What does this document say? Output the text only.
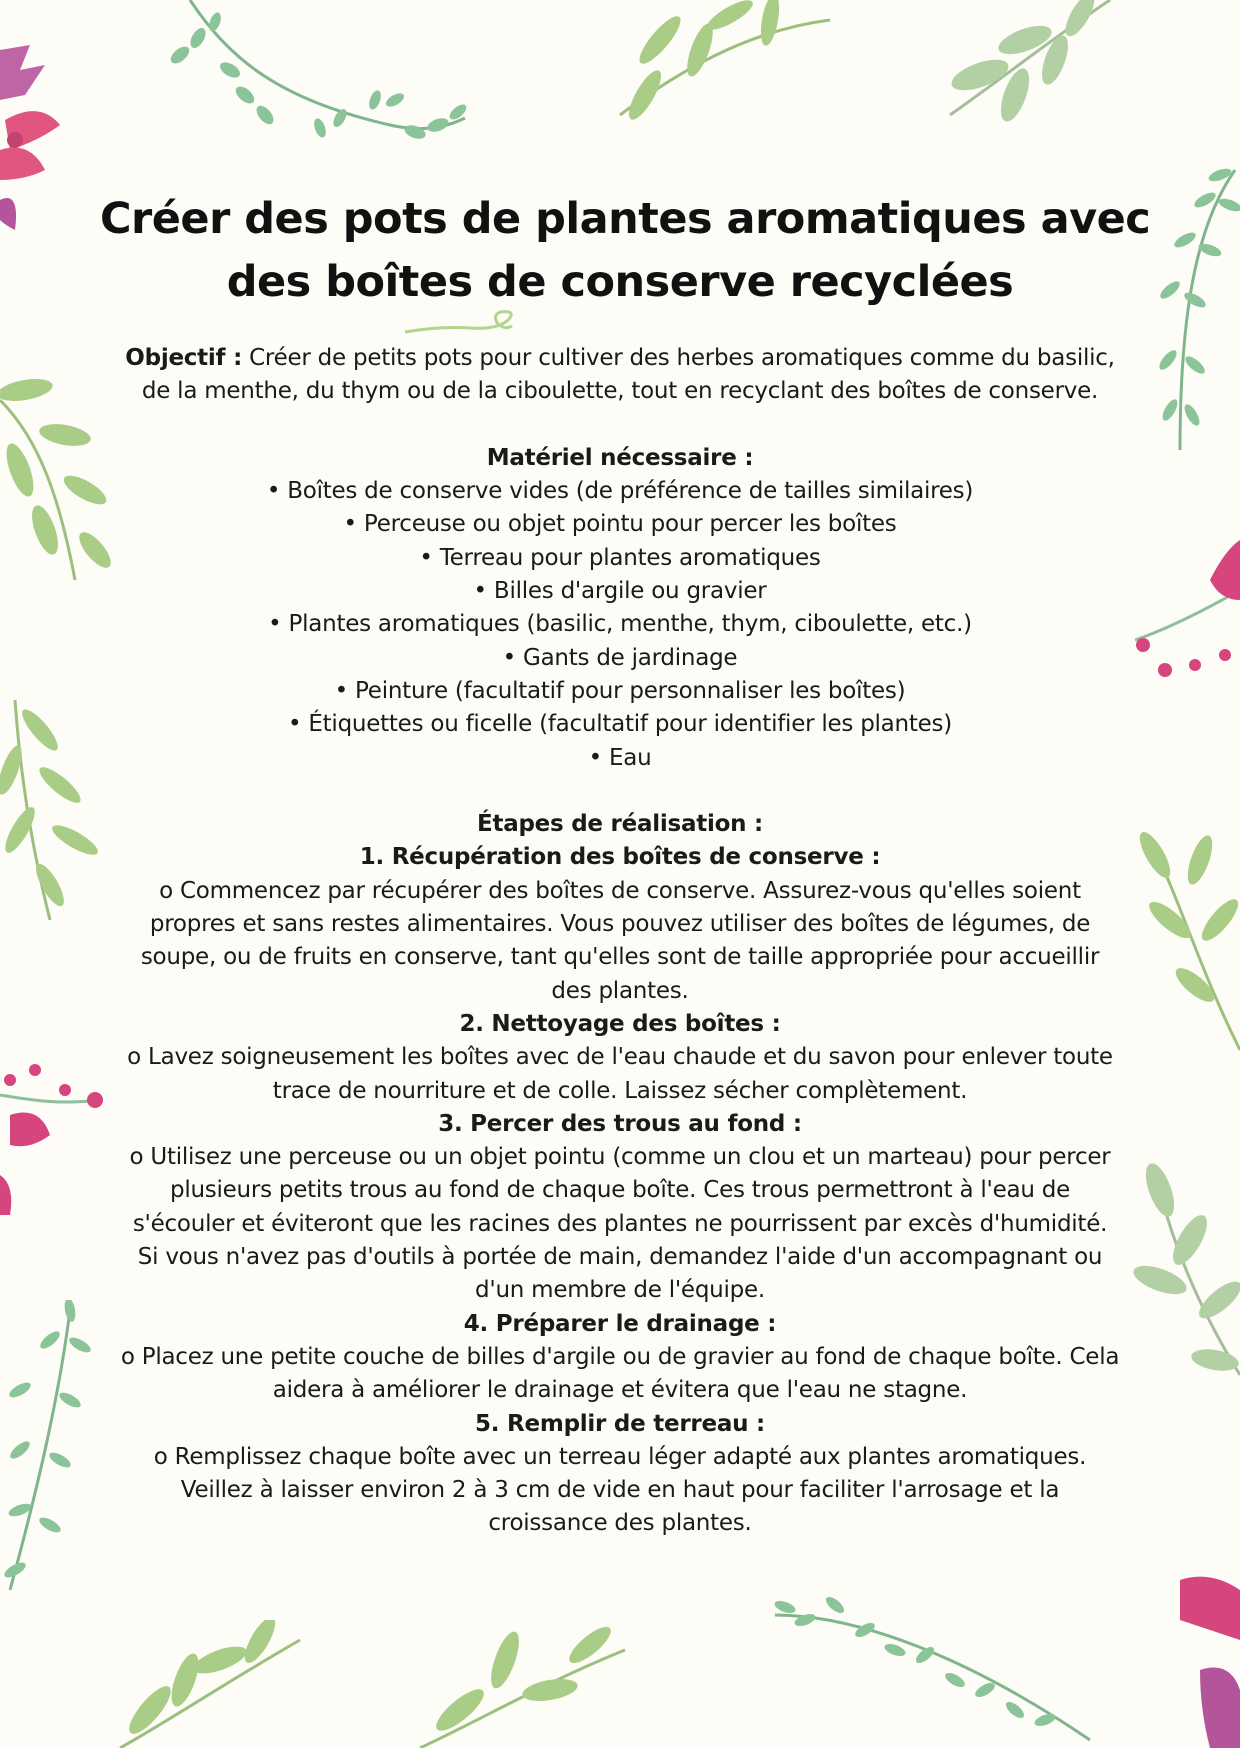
Créer des pots de plantes aromatiques avec
des boîtes de conserve recyclées

Objectif : Créer de petits pots pour cultiver des herbes aromatiques comme du basilic,

de la menthe, du thym ou de la ciboulette, tout en recyclant des boîtes de conserve.

Matériel nécessaire :

• Boîtes de conserve vides (de préférence de tailles similaires)

• Perceuse ou objet pointu pour percer les boîtes

• Terreau pour plantes aromatiques

• Billes d'argile ou gravier

• Plantes aromatiques (basilic, menthe, thym, ciboulette, etc.)

• Gants de jardinage

• Peinture (facultatif pour personnaliser les boîtes)

• Étiquettes ou ficelle (facultatif pour identifier les plantes)

• Eau

Étapes de réalisation :

1. Récupération des boîtes de conserve :

o Commencez par récupérer des boîtes de conserve. Assurez-vous qu'elles soient

propres et sans restes alimentaires. Vous pouvez utiliser des boîtes de légumes, de

soupe, ou de fruits en conserve, tant qu'elles sont de taille appropriée pour accueillir

des plantes.

2. Nettoyage des boîtes :

o Lavez soigneusement les boîtes avec de l'eau chaude et du savon pour enlever toute

trace de nourriture et de colle. Laissez sécher complètement.

3. Percer des trous au fond :

o Utilisez une perceuse ou un objet pointu (comme un clou et un marteau) pour percer

plusieurs petits trous au fond de chaque boîte. Ces trous permettront à l'eau de

s'écouler et éviteront que les racines des plantes ne pourrissent par excès d'humidité.

Si vous n'avez pas d'outils à portée de main, demandez l'aide d'un accompagnant ou

d'un membre de l'équipe.

4. Préparer le drainage :

o Placez une petite couche de billes d'argile ou de gravier au fond de chaque boîte. Cela

aidera à améliorer le drainage et évitera que l'eau ne stagne.

5. Remplir de terreau :

o Remplissez chaque boîte avec un terreau léger adapté aux plantes aromatiques.

Veillez à laisser environ 2 à 3 cm de vide en haut pour faciliter l'arrosage et la

croissance des plantes.
